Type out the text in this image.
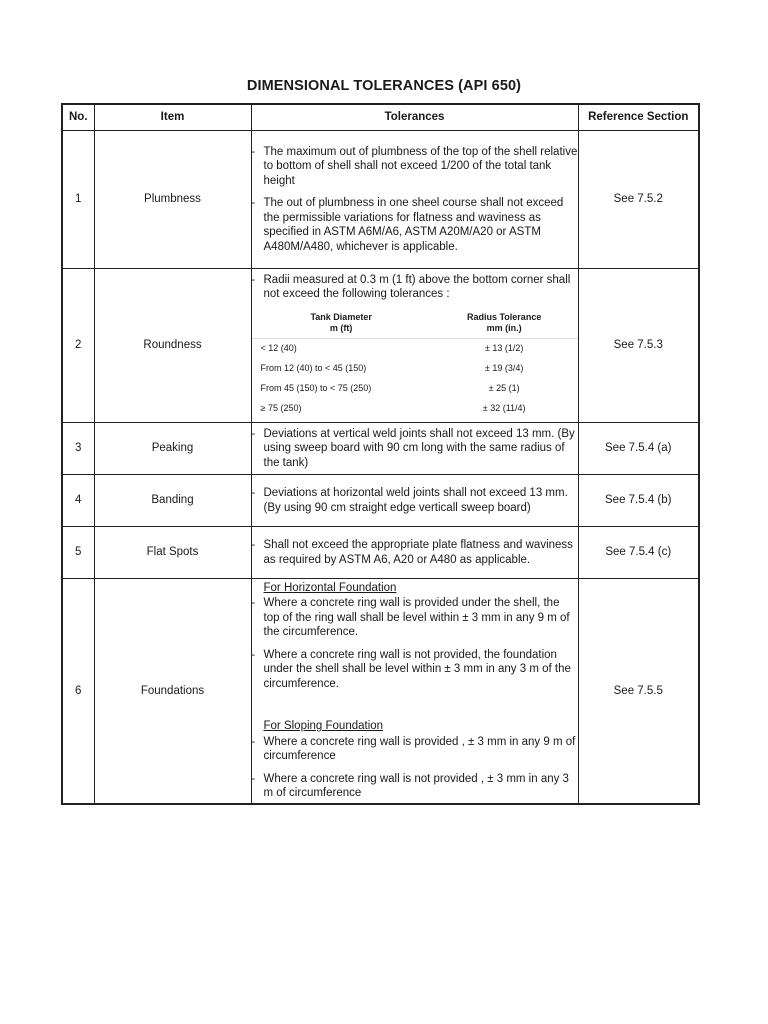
DIMENSIONAL TOLERANCES (API 650)
No.	Item	Tolerances	Reference Section
1	Plumbness	
- The maximum out of plumbness of the top of the shell relative to bottom of shell shall not exceed 1/200 of the total tank height
- The out of plumbness in one sheel course shall not exceed the permissible variations for flatness and waviness as specified in ASTM A6M/A6, ASTM A20M/A20 or ASTM A480M/A480, whichever is applicable.
	See 7.5.2
2	Roundness	
- Radii measured at 0.3 m (1 ft) above the bottom corner shall not exceed the following tolerances :
Tank Diameter
m (ft)

Radius Tolerance
mm (in.)

< 12 (40)	± 13 (1/2)
From 12 (40) to < 45 (150)	± 19 (3/4)
From 45 (150) to < 75 (250)	± 25 (1)
≥ 75 (250)	± 32 (11/4)
	See 7.5.3
3	Peaking	
- Deviations at vertical weld joints shall not exceed 13 mm. (By using sweep board with 90 cm long with the same radius of the tank)
	See 7.5.4 (a)
4	Banding	
- Deviations at horizontal weld joints shall not exceed 13 mm. (By using 90 cm straight edge verticall sweep board)
	See 7.5.4 (b)
5	Flat Spots	
- Shall not exceed the appropriate plate flatness and waviness as required by ASTM A6, A20 or A480 as applicable.
	See 7.5.4 (c)
6	Foundations	
For Horizontal Foundation
- Where a concrete ring wall is provided under the shell, the top of the ring wall shall be level within ± 3 mm in any 9 m of the circumference.
- Where a concrete ring wall is not provided, the foundation under the shell shall be level within ± 3 mm in any 3 m of the circumference.
For Sloping Foundation
- Where a concrete ring wall is provided , ± 3 mm in any 9 m of circumference
- Where a concrete ring wall is not provided , ± 3 mm in any 3 m of circumference
	See 7.5.5
